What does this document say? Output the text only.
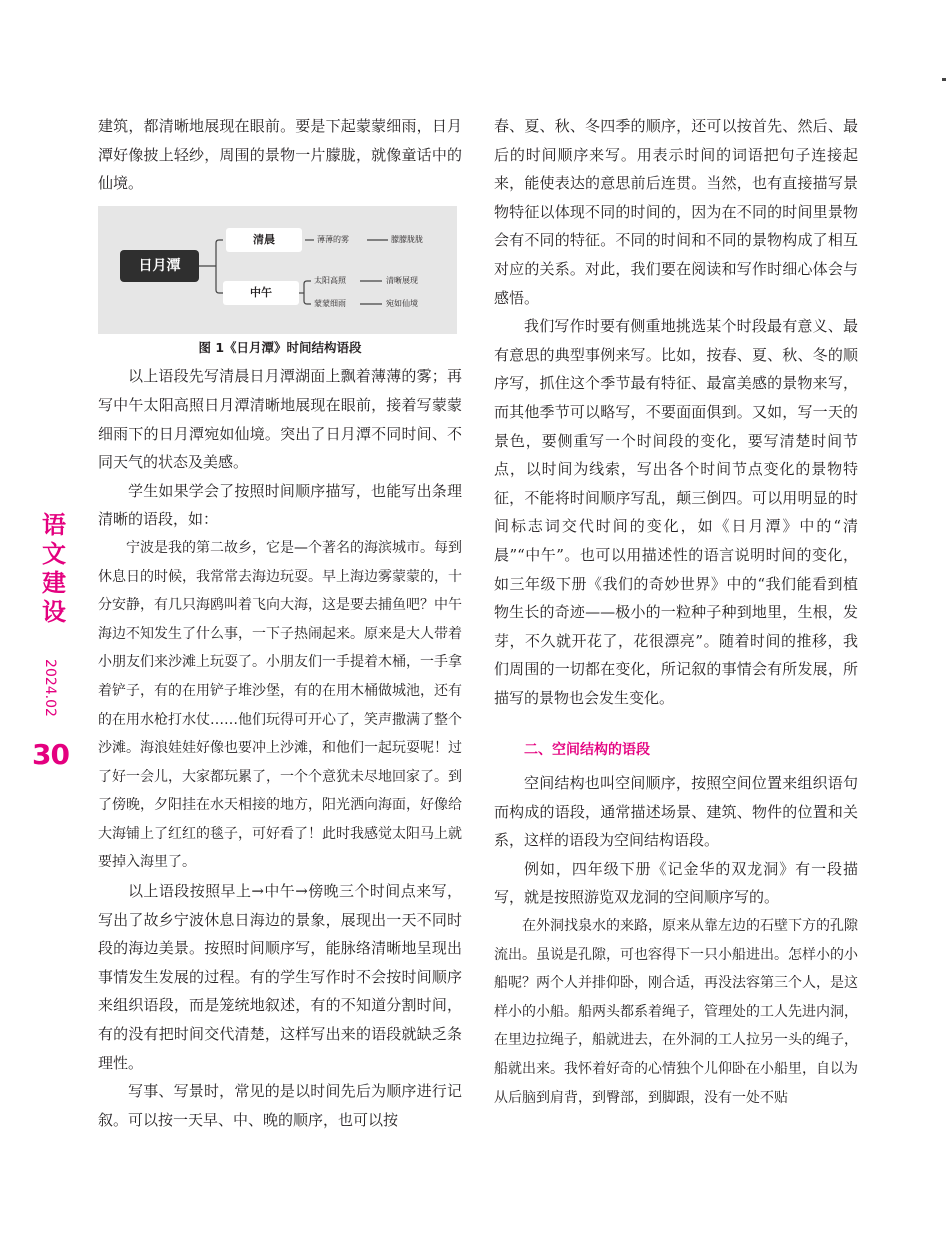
语文建设
2024.02
30

建筑，都清晰地展现在眼前。要是下起蒙蒙细雨，日月潭好像披上轻纱，周围的景物一片朦胧，就像童话中的仙境。

日月潭
清晨
中午
薄薄的雾	朦朦胧胧
太阳高照	清晰展现
蒙蒙细雨	宛如仙境

图 1《日月潭》时间结构语段

以上语段先写清晨日月潭湖面上飘着薄薄的雾；再写中午太阳高照日月潭清晰地展现在眼前，接着写蒙蒙细雨下的日月潭宛如仙境。突出了日月潭不同时间、不同天气的状态及美感。

学生如果学会了按照时间顺序描写，也能写出条理清晰的语段，如：

宁波是我的第二故乡，它是—个著名的海滨城市。每到休息日的时候，我常常去海边玩耍。早上海边雾蒙蒙的，十分安静，有几只海鸥叫着飞向大海，这是要去捕鱼吧？中午海边不知发生了什么事，一下子热闹起来。原来是大人带着小朋友们来沙滩上玩耍了。小朋友们一手提着木桶，一手拿着铲子，有的在用铲子堆沙堡，有的在用木桶做城池，还有的在用水枪打水仗……他们玩得可开心了，笑声撒满了整个沙滩。海浪娃娃好像也要冲上沙滩，和他们一起玩耍呢！过了好一会儿，大家都玩累了，一个个意犹未尽地回家了。到了傍晚，夕阳挂在水天相接的地方，阳光洒向海面，好像给大海铺上了红红的毯子，可好看了！此时我感觉太阳马上就要掉入海里了。

以上语段按照早上→中午→傍晚三个时间点来写，写出了故乡宁波休息日海边的景象，展现出一天不同时段的海边美景。按照时间顺序写，能脉络清晰地呈现出事情发生发展的过程。有的学生写作时不会按时间顺序来组织语段，而是笼统地叙述，有的不知道分割时间，有的没有把时间交代清楚，这样写出来的语段就缺乏条理性。

写事、写景时，常见的是以时间先后为顺序进行记叙。可以按一天早、中、晚的顺序，也可以按

春、夏、秋、冬四季的顺序，还可以按首先、然后、最后的时间顺序来写。用表示时间的词语把句子连接起来，能使表达的意思前后连贯。当然，也有直接描写景物特征以体现不同的时间的，因为在不同的时间里景物会有不同的特征。不同的时间和不同的景物构成了相互对应的关系。对此，我们要在阅读和写作时细心体会与感悟。

我们写作时要有侧重地挑选某个时段最有意义、最有意思的典型事例来写。比如，按春、夏、秋、冬的顺序写，抓住这个季节最有特征、最富美感的景物来写，而其他季节可以略写，不要面面俱到。又如，写一天的景色，要侧重写一个时间段的变化，要写清楚时间节点，以时间为线索，写出各个时间节点变化的景物特征，不能将时间顺序写乱，颠三倒四。可以用明显的时间标志词交代时间的变化，如《日月潭》中的“清晨”“中午”。也可以用描述性的语言说明时间的变化，如三年级下册《我们的奇妙世界》中的“我们能看到植物生长的奇迹——极小的一粒种子种到地里，生根，发芽，不久就开花了，花很漂亮”。随着时间的推移，我们周围的一切都在变化，所记叙的事情会有所发展，所描写的景物也会发生变化。

二、空间结构的语段

空间结构也叫空间顺序，按照空间位置来组织语句而构成的语段，通常描述场景、建筑、物件的位置和关系，这样的语段为空间结构语段。

例如，四年级下册《记金华的双龙洞》有一段描写，就是按照游览双龙洞的空间顺序写的。

在外洞找泉水的来路，原来从靠左边的石壁下方的孔隙流出。虽说是孔隙，可也容得下一只小船进出。怎样小的小船呢？两个人并排仰卧，刚合适，再没法容第三个人，是这样小的小船。船两头都系着绳子，管理处的工人先进内洞，在里边拉绳子，船就进去，在外洞的工人拉另一头的绳子，船就出来。我怀着好奇的心情独个儿仰卧在小船里，自以为从后脑到肩背，到臀部，到脚跟，没有一处不贴
